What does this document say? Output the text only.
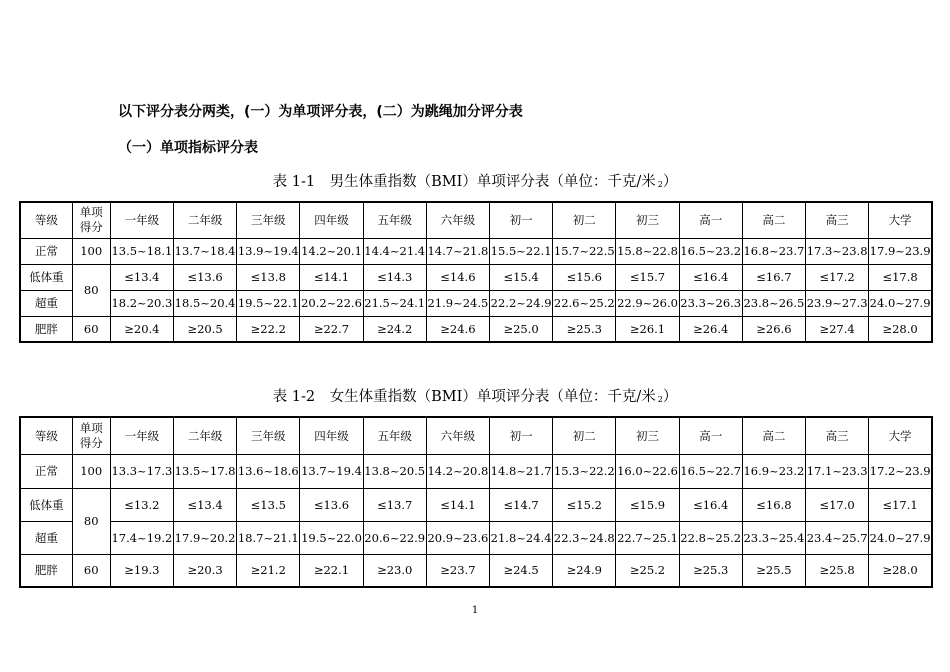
以下评分表分两类，(一）为单项评分表，(二）为跳绳加分评分表

（一）单项指标评分表

表 1-1　男生体重指数（BMI）单项评分表（单位：千克/米 $_2$）

等级	单项得分	一年级	二年级	三年级	四年级	五年级	六年级	初一	初二	初三	高一	高二	高三	大学
正常	100	13.5~18.1	13.7~18.4	13.9~19.4	14.2~20.1	14.4~21.4	14.7~21.8	15.5~22.1	15.7~22.5	15.8~22.8	16.5~23.2	16.8~23.7	17.3~23.8	17.9~23.9
低体重	80	≤13.4	≤13.6	≤13.8	≤14.1	≤14.3	≤14.6	≤15.4	≤15.6	≤15.7	≤16.4	≤16.7	≤17.2	≤17.8
超重		18.2~20.3	18.5~20.4	19.5~22.1	20.2~22.6	21.5~24.1	21.9~24.5	22.2~24.9	22.6~25.2	22.9~26.0	23.3~26.3	23.8~26.5	23.9~27.3	24.0~27.9
肥胖	60	≥20.4	≥20.5	≥22.2	≥22.7	≥24.2	≥24.6	≥25.0	≥25.3	≥26.1	≥26.4	≥26.6	≥27.4	≥28.0

表 1-2　女生体重指数（BMI）单项评分表（单位：千克/米 $_2$）

等级	单项得分	一年级	二年级	三年级	四年级	五年级	六年级	初一	初二	初三	高一	高二	高三	大学
正常	100	13.3~17.3	13.5~17.8	13.6~18.6	13.7~19.4	13.8~20.5	14.2~20.8	14.8~21.7	15.3~22.2	16.0~22.6	16.5~22.7	16.9~23.2	17.1~23.3	17.2~23.9
低体重	80	≤13.2	≤13.4	≤13.5	≤13.6	≤13.7	≤14.1	≤14.7	≤15.2	≤15.9	≤16.4	≤16.8	≤17.0	≤17.1
超重		17.4~19.2	17.9~20.2	18.7~21.1	19.5~22.0	20.6~22.9	20.9~23.6	21.8~24.4	22.3~24.8	22.7~25.1	22.8~25.2	23.3~25.4	23.4~25.7	24.0~27.9
肥胖	60	≥19.3	≥20.3	≥21.2	≥22.1	≥23.0	≥23.7	≥24.5	≥24.9	≥25.2	≥25.3	≥25.5	≥25.8	≥28.0

1
